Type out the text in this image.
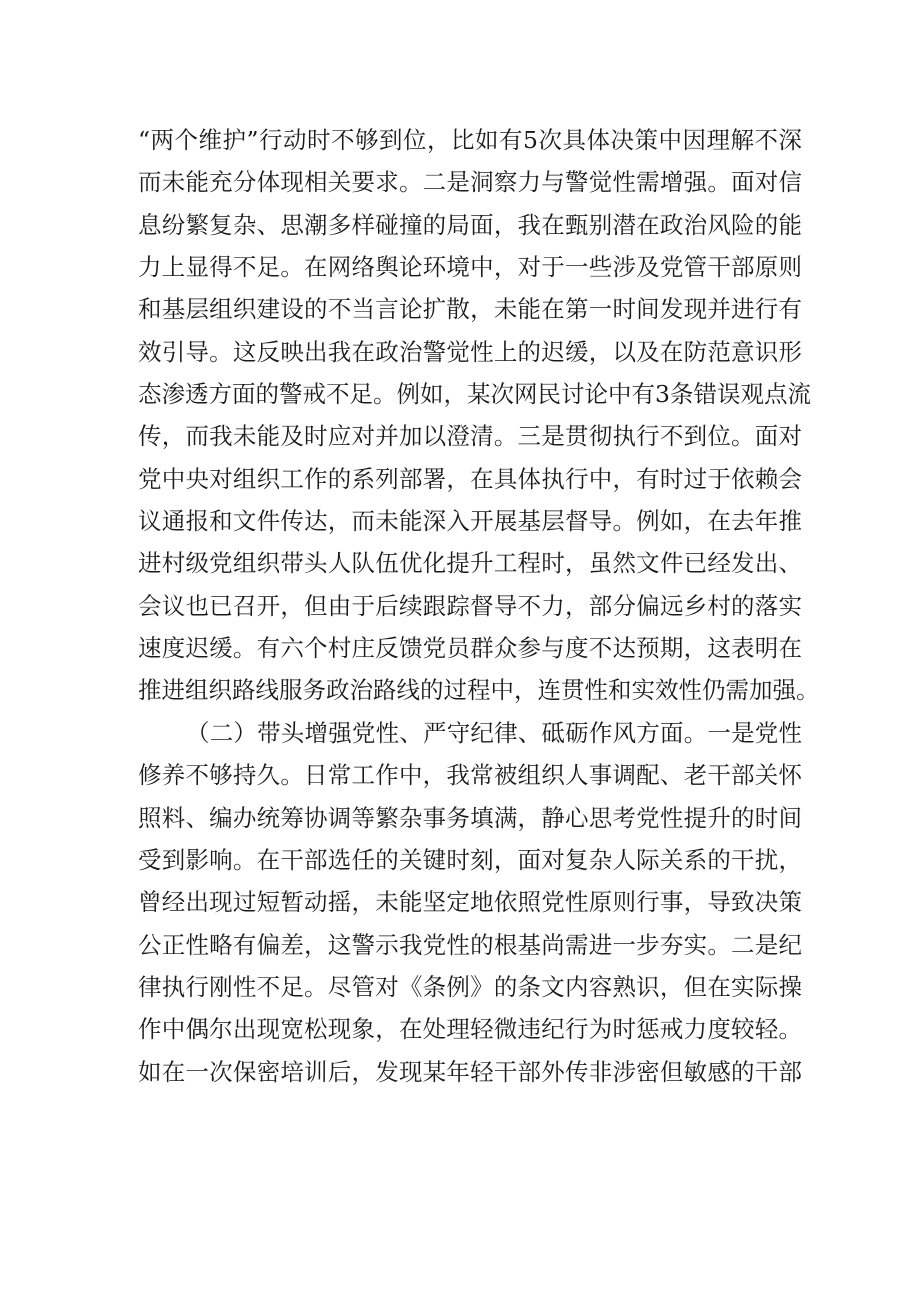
“两个维护”行动时不够到位，比如有5次具体决策中因理解不深
而未能充分体现相关要求。二是洞察力与警觉性需增强。面对信
息纷繁复杂、思潮多样碰撞的局面，我在甄别潜在政治风险的能
力上显得不足。在网络舆论环境中，对于一些涉及党管干部原则
和基层组织建设的不当言论扩散，未能在第一时间发现并进行有
效引导。这反映出我在政治警觉性上的迟缓，以及在防范意识形
态渗透方面的警戒不足。例如，某次网民讨论中有3条错误观点流
传，而我未能及时应对并加以澄清。三是贯彻执行不到位。面对
党中央对组织工作的系列部署，在具体执行中，有时过于依赖会
议通报和文件传达，而未能深入开展基层督导。例如，在去年推
进村级党组织带头人队伍优化提升工程时，虽然文件已经发出、
会议也已召开，但由于后续跟踪督导不力，部分偏远乡村的落实
速度迟缓。有六个村庄反馈党员群众参与度不达预期，这表明在
推进组织路线服务政治路线的过程中，连贯性和实效性仍需加强。
（二）带头增强党性、严守纪律、砥砺作风方面。一是党性
修养不够持久。日常工作中，我常被组织人事调配、老干部关怀
照料、编办统筹协调等繁杂事务填满，静心思考党性提升的时间
受到影响。在干部选任的关键时刻，面对复杂人际关系的干扰，
曾经出现过短暂动摇，未能坚定地依照党性原则行事，导致决策
公正性略有偏差，这警示我党性的根基尚需进一步夯实。二是纪
律执行刚性不足。尽管对《条例》的条文内容熟识，但在实际操
作中偶尔出现宽松现象，在处理轻微违纪行为时惩戒力度较轻。
如在一次保密培训后，发现某年轻干部外传非涉密但敏感的干部
